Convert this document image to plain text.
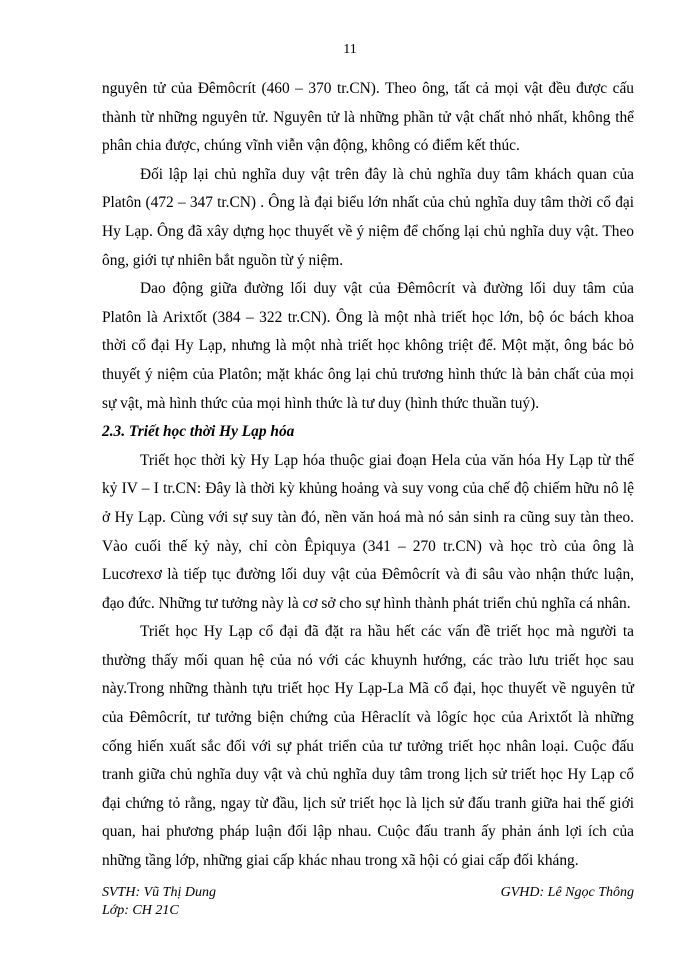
11

nguyên tử của Đêmôcrít (460 – 370 tr.CN). Theo ông, tất cả mọi vật đều được cấu thành từ những nguyên tử. Nguyên tử là những phần tử vật chất nhỏ nhất, không thể phân chia được, chúng vĩnh viễn vận động, không có điểm kết thúc.

Đối lập lại chủ nghĩa duy vật trên đây là chủ nghĩa duy tâm khách quan của Platôn (472 – 347 tr.CN) . Ông là đại biểu lớn nhất của chủ nghĩa duy tâm thời cổ đại Hy Lạp. Ông đã xây dựng học thuyết về ý niệm để chống lại chủ nghĩa duy vật. Theo ông, giới tự nhiên bắt nguồn từ ý niệm.

Dao động giữa đường lối duy vật của Đêmôcrít và đường lối duy tâm của Platôn là Arixtốt (384 – 322 tr.CN). Ông là một nhà triết học lớn, bộ óc bách khoa thời cổ đại Hy Lạp, nhưng là một nhà triết học không triệt để. Một mặt, ông bác bỏ thuyết ý niệm của Platôn; mặt khác ông lại chủ trương hình thức là bản chất của mọi sự vật, mà hình thức của mọi hình thức là tư duy (hình thức thuần tuý).

2.3. Triết học thời Hy Lạp hóa

Triết học thời kỳ Hy Lạp hóa thuộc giai đoạn Hela của văn hóa Hy Lạp từ thế kỷ IV – I tr.CN: Đây là thời kỳ khủng hoảng và suy vong của chế độ chiếm hữu nô lệ ở Hy Lạp. Cùng với sự suy tàn đó, nền văn hoá mà nó sản sinh ra cũng suy tàn theo. Vào cuối thế kỷ này, chỉ còn Êpiquya (341 – 270 tr.CN) và học trò của ông là Lucơrexơ là tiếp tục đường lối duy vật của Đêmôcrít và đi sâu vào nhận thức luận, đạo đức. Những tư tưởng này là cơ sở cho sự hình thành phát triển chủ nghĩa cá nhân.

Triết học Hy Lạp cổ đại đã đặt ra hầu hết các vấn đề triết học mà người ta thường thấy mối quan hệ của nó với các khuynh hướng, các trào lưu triết học sau này.Trong những thành tựu triết học Hy Lạp-La Mã cổ đại, học thuyết về nguyên tử của Đêmôcrít, tư tưởng biện chứng của Hêraclít và lôgíc học của Arixtốt là những cống hiến xuất sắc đối với sự phát triển của tư tưởng triết học nhân loại. Cuộc đấu tranh giữa chủ nghĩa duy vật và chủ nghĩa duy tâm trong lịch sử triết học Hy Lạp cổ đại chứng tỏ rằng, ngay từ đầu, lịch sử triết học là lịch sử đấu tranh giữa hai thế giới quan, hai phương pháp luận đối lập nhau. Cuộc đấu tranh ấy phản ánh lợi ích của những tầng lớp, những giai cấp khác nhau trong xã hội có giai cấp đối kháng.

SVTH: Vũ Thị Dung
Lớp: CH 21C
GVHD: Lê Ngọc Thông
